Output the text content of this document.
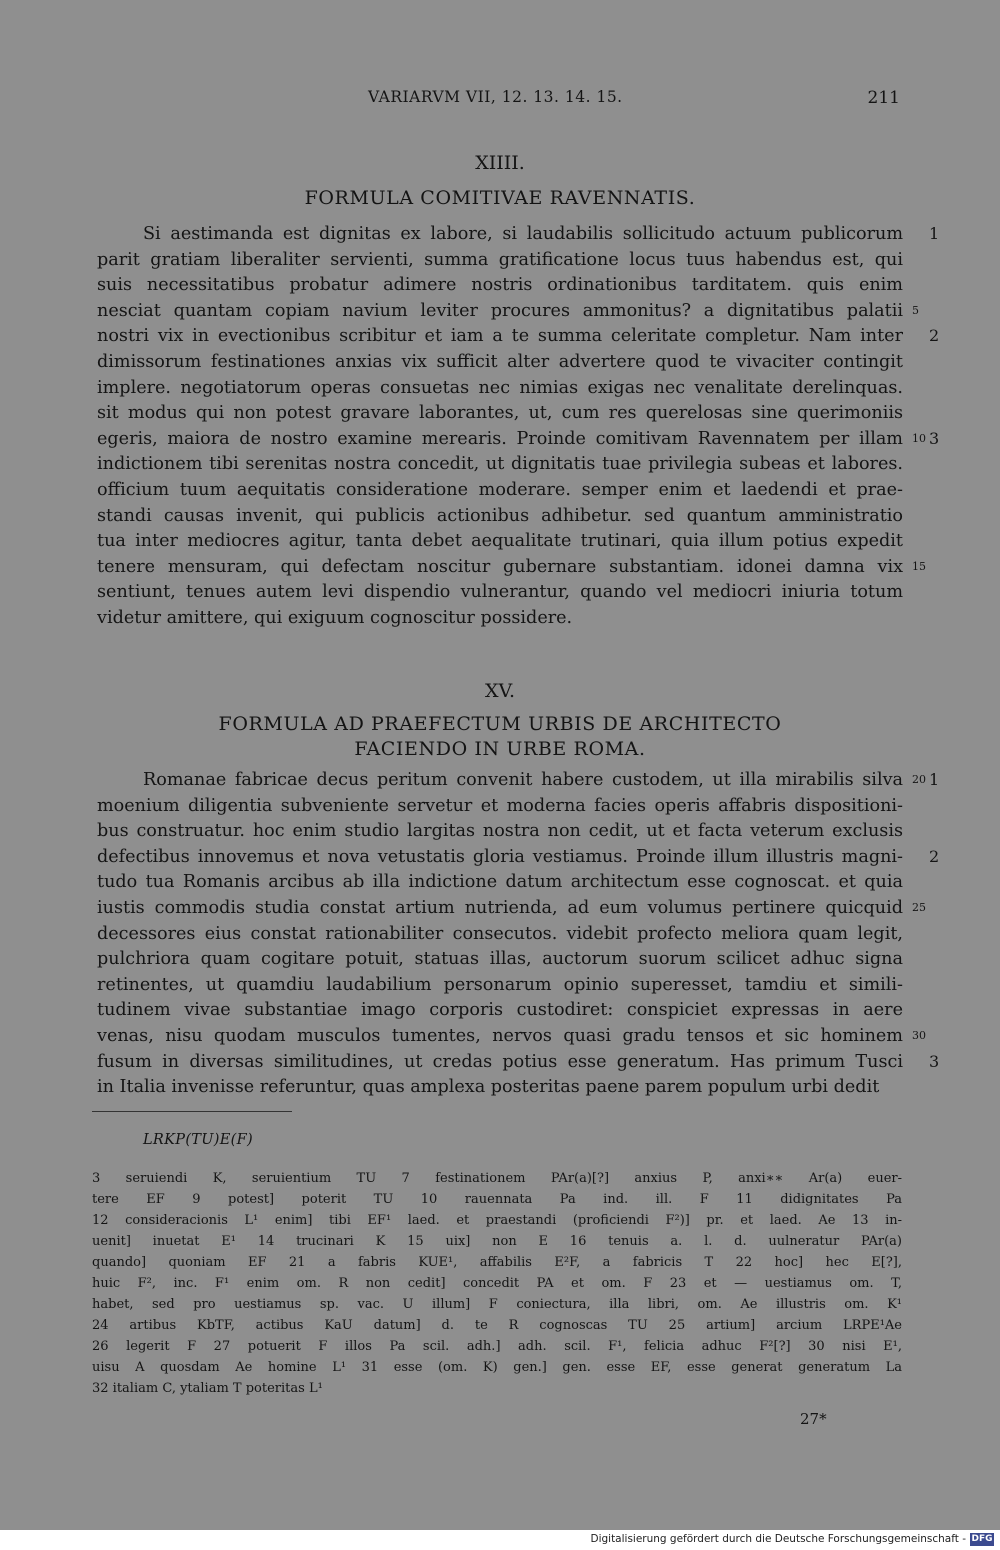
VARIARVM VII, 12. 13. 14. 15.	211
XIIII.
FORMULA COMITIVAE RAVENNATIS.
Si aestimanda est dignitas ex labore, si laudabilis sollicitudo actuum publicorum
parit gratiam liberaliter servienti, summa gratificatione locus tuus habendus est, qui
suis necessitatibus probatur adimere nostris ordinationibus tarditatem. quis enim
nesciat quantam copiam navium leviter procures ammonitus? a dignitatibus palatii
nostri vix in evectionibus scribitur et iam a te summa celeritate completur. Nam inter
dimissorum festinationes anxias vix sufficit alter advertere quod te vivaciter contingit
implere. negotiatorum operas consuetas nec nimias exigas nec venalitate derelinquas.
sit modus qui non potest gravare laborantes, ut, cum res querelosas sine querimoniis
egeris, maiora de nostro examine merearis. Proinde comitivam Ravennatem per illam
indictionem tibi serenitas nostra concedit, ut dignitatis tuae privilegia subeas et labores.
officium tuum aequitatis consideratione moderare. semper enim et laedendi et prae-
standi causas invenit, qui publicis actionibus adhibetur. sed quantum amministratio
tua inter mediocres agitur, tanta debet aequalitate trutinari, quia illum potius expedit
tenere mensuram, qui defectam noscitur gubernare substantiam. idonei damna vix
sentiunt, tenues autem levi dispendio vulnerantur, quando vel mediocri iniuria totum
videtur amittere, qui exiguum cognoscitur possidere.
1
5
2
10 3
15
XV.
FORMULA AD PRAEFECTUM URBIS DE ARCHITECTO
FACIENDO IN URBE ROMA.
Romanae fabricae decus peritum convenit habere custodem, ut illa mirabilis silva
moenium diligentia subveniente servetur et moderna facies operis affabris dispositioni-
bus construatur. hoc enim studio largitas nostra non cedit, ut et facta veterum exclusis
defectibus innovemus et nova vetustatis gloria vestiamus. Proinde illum illustris magni-
tudo tua Romanis arcibus ab illa indictione datum architectum esse cognoscat. et quia
iustis commodis studia constat artium nutrienda, ad eum volumus pertinere quicquid
decessores eius constat rationabiliter consecutos. videbit profecto meliora quam legit,
pulchriora quam cogitare potuit, statuas illas, auctorum suorum scilicet adhuc signa
retinentes, ut quamdiu laudabilium personarum opinio superesset, tamdiu et simili-
tudinem vivae substantiae imago corporis custodiret: conspiciet expressas in aere
venas, nisu quodam musculos tumentes, nervos quasi gradu tensos et sic hominem
fusum in diversas similitudines, ut credas potius esse generatum. Has primum Tusci
in Italia invenisse referuntur, quas amplexa posteritas paene parem populum urbi dedit
20 1
2
25
30
3
LRKP(TU)E(F)
3 seruiendi K, seruientium TU 7 festinationem PAr(a)[?] anxius P, anxi∗∗ Ar(a) euer-
tere EF 9 potest] poterit TU 10 rauennata Pa ind. ill. F 11 didignitates Pa
12 consideracionis L¹ enim] tibi EF¹ laed. et praestandi (proficiendi F²)] pr. et laed. Ae 13 in-
uenit] inuetat E¹ 14 trucinari K 15 uix] non E 16 tenuis a. l. d. uulneratur PAr(a)
quando] quoniam EF 21 a fabris KUE¹, affabilis E²F, a fabricis T 22 hoc] hec E[?],
huic F², inc. F¹ enim om. R non cedit] concedit PA et om. F 23 et — uestiamus om. T,
habet, sed pro uestiamus sp. vac. U illum] F coniectura, illa libri, om. Ae illustris om. K¹
24 artibus KbTF, actibus KaU datum] d. te R cognoscas TU 25 artium] arcium LRPE¹Ae
26 legerit F 27 potuerit F illos Pa scil. adh.] adh. scil. F¹, felicia adhuc F²[?] 30 nisi E¹,
uisu A quosdam Ae homine L¹ 31 esse (om. K) gen.] gen. esse EF, esse generat generatum La
32 italiam C, ytaliam T poteritas L¹
27*
Digitalisierung gefördert durch die Deutsche Forschungsgemeinschaft - DFG
